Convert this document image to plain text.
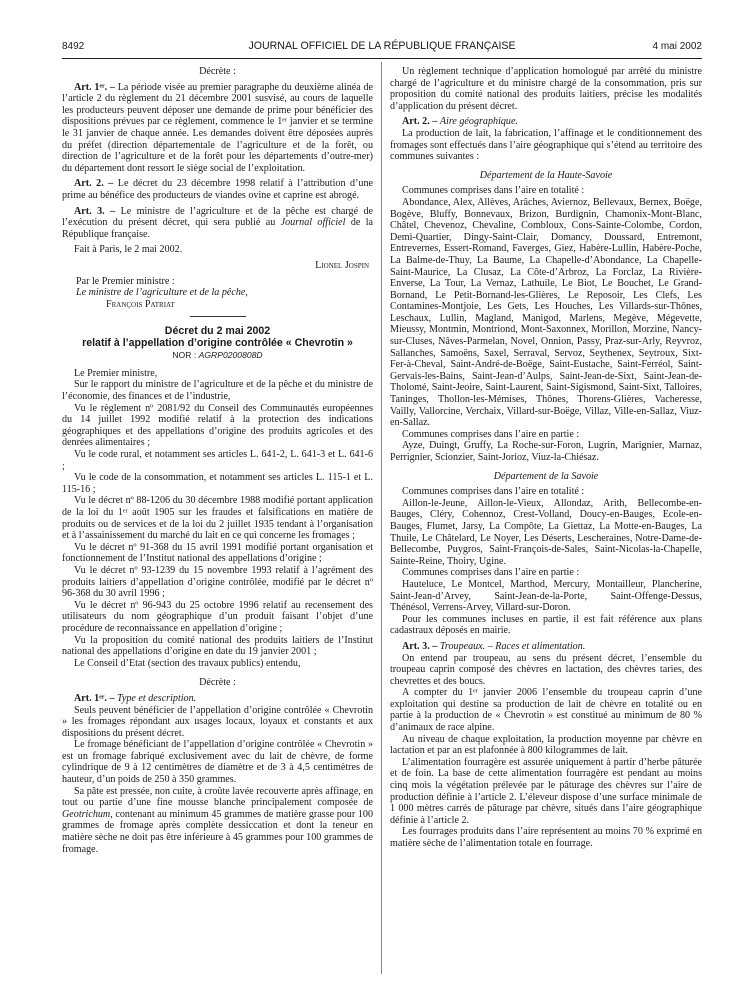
8492	JOURNAL OFFICIEL DE LA RÉPUBLIQUE FRANÇAISE	4 mai 2002

Décrète :

Art. 1ᵉʳ. – La période visée au premier paragraphe du deuxième alinéa de l’article 2 du règlement du 21 décembre 2001 susvisé, au cours de laquelle les producteurs peuvent déposer une demande de prime pour bénéficier des dispositions prévues par ce règlement, commence le 1ᵉʳ janvier et se termine le 31 janvier de chaque année. Les demandes doivent être déposées auprès du préfet (direction départementale de l’agriculture et de la forêt, ou direction de l’agriculture et de la forêt pour les départements d’outre-mer) du département dont ressort le siège social de l’exploitation.

Art. 2. – Le décret du 23 décembre 1998 relatif à l’attribution d’une prime au bénéfice des producteurs de viandes ovine et caprine est abrogé.

Art. 3. – Le ministre de l’agriculture et de la pêche est chargé de l’exécution du présent décret, qui sera publié au Journal officiel de la République française.

Fait à Paris, le 2 mai 2002.

Lionel Jospin

Par le Premier ministre :

Le ministre de l’agriculture et de la pêche,

François Patriat

Décret du 2 mai 2002
relatif à l’appellation d’origine contrôlée « Chevrotin »

NOR : AGRP0200808D

Le Premier ministre,

Sur le rapport du ministre de l’agriculture et de la pêche et du ministre de l’économie, des finances et de l’industrie,

Vu le règlement nº 2081/92 du Conseil des Communautés européennes du 14 juillet 1992 modifié relatif à la protection des indications géographiques et des appellations d’origine des produits agricoles et des denrées alimentaires ;

Vu le code rural, et notamment ses articles L. 641-2, L. 641-3 et L. 641-6 ;

Vu le code de la consommation, et notamment ses articles L. 115-1 et L. 115-16 ;

Vu le décret nº 88-1206 du 30 décembre 1988 modifié portant application de la loi du 1ᵉʳ août 1905 sur les fraudes et falsifications en matière de produits ou de services et de la loi du 2 juillet 1935 tendant à l’organisation et à l’assainissement du marché du lait en ce qui concerne les fromages ;

Vu le décret nº 91-368 du 15 avril 1991 modifié portant organisation et fonctionnement de l’Institut national des appellations d’origine ;

Vu le décret nº 93-1239 du 15 novembre 1993 relatif à l’agrément des produits laitiers d’appellation d’origine contrôlée, modifié par le décret nº 96-368 du 30 avril 1996 ;

Vu le décret nº 96-943 du 25 octobre 1996 relatif au recensement des utilisateurs du nom géographique d’un produit faisant l’objet d’une procédure de reconnaissance en appellation d’origine ;

Vu la proposition du comité national des produits laitiers de l’Institut national des appellations d’origine en date du 19 janvier 2001 ;

Le Conseil d’Etat (section des travaux publics) entendu,

Décrète :

Art. 1ᵉʳ. – Type et description.

Seuls peuvent bénéficier de l’appellation d’origine contrôlée « Chevrotin » les fromages répondant aux usages locaux, loyaux et constants et aux dispositions du présent décret.

Le fromage bénéficiant de l’appellation d’origine contrôlée « Chevrotin » est un fromage fabriqué exclusivement avec du lait de chèvre, de forme cylindrique de 9 à 12 centimètres de diamètre et de 3 à 4,5 centimètres de hauteur, d’un poids de 250 à 350 grammes.

Sa pâte est pressée, non cuite, à croûte lavée recouverte après affinage, en tout ou partie d’une fine mousse blanche principalement composée de Geotrichum, contenant au minimum 45 grammes de matière grasse pour 100 grammes de fromage après complète dessiccation et dont la teneur en matière sèche ne doit pas être inférieure à 45 grammes pour 100 grammes de fromage.

Un règlement technique d’application homologué par arrêté du ministre chargé de l’agriculture et du ministre chargé de la consommation, pris sur proposition du comité national des produits laitiers, précise les modalités d’application du présent décret.

Art. 2. – Aire géographique.

La production de lait, la fabrication, l’affinage et le conditionnement des fromages sont effectués dans l’aire géographique qui s’étend au territoire des communes suivantes :

Département de la Haute-Savoie

Communes comprises dans l’aire en totalité :

Abondance, Alex, Allèves, Arâches, Aviernoz, Bellevaux, Bernex, Boëge, Bogève, Bluffy, Bonnevaux, Brizon, Burdignin, Chamonix-Mont-Blanc, Châtel, Chevenoz, Chevaline, Combloux, Cons-Sainte-Colombe, Cordon, Demi-Quartier, Dingy-Saint-Clair, Domancy, Doussard, Entremont, Entrevernes, Essert-Romand, Faverges, Giez, Habère-Lullin, Habère-Poche, La Balme-de-Thuy, La Baume, La Chapelle-d’Abondance, La Chapelle-Saint-Maurice, La Clusaz, La Côte-d’Arbroz, La Forclaz, La Rivière-Enverse, La Tour, La Vernaz, Lathuile, Le Biot, Le Bouchet, Le Grand-Bornand, Le Petit-Bornand-les-Glières, Le Reposoir, Les Clefs, Les Contamines-Montjoie, Les Gets, Les Houches, Les Villards-sur-Thônes, Leschaux, Lullin, Magland, Manigod, Marlens, Megève, Mégevette, Mieussy, Montmin, Montriond, Mont-Saxonnex, Morillon, Morzine, Nancy-sur-Cluses, Nâves-Parmelan, Novel, Onnion, Passy, Praz-sur-Arly, Reyvroz, Sallanches, Samoëns, Saxel, Serraval, Servoz, Seythenex, Seytroux, Sixt-Fer-à-Cheval, Saint-André-de-Boëge, Saint-Eustache, Saint-Ferréol, Saint-Gervais-les-Bains, Saint-Jean-d’Aulps, Saint-Jean-de-Sixt, Saint-Jean-de-Tholomé, Saint-Jeoire, Saint-Laurent, Saint-Sigismond, Saint-Sixt, Talloires, Taninges, Thollon-les-Mémises, Thônes, Thorens-Glières, Vacheresse, Vailly, Vallorcine, Verchaix, Villard-sur-Boëge, Villaz, Ville-en-Sallaz, Viuz-en-Sallaz.

Communes comprises dans l’aire en partie :

Ayze, Duingt, Gruffy, La Roche-sur-Foron, Lugrin, Marignier, Marnaz, Perrignier, Scionzier, Saint-Jorioz, Viuz-la-Chiésaz.

Département de la Savoie

Communes comprises dans l’aire en totalité :

Aillon-le-Jeune, Aillon-le-Vieux, Allondaz, Arith, Bellecombe-en-Bauges, Cléry, Cohennoz, Crest-Volland, Doucy-en-Bauges, Ecole-en-Bauges, Flumet, Jarsy, La Compôte, La Giettaz, La Motte-en-Bauges, La Thuile, Le Châtelard, Le Noyer, Les Déserts, Lescheraines, Notre-Dame-de-Bellecombe, Puygros, Saint-François-de-Sales, Saint-Nicolas-la-Chapelle, Sainte-Reine, Thoiry, Ugine.

Communes comprises dans l’aire en partie :

Hauteluce, Le Montcel, Marthod, Mercury, Montailleur, Plancherine, Saint-Jean-d’Arvey, Saint-Jean-de-la-Porte, Saint-Offenge-Dessus, Thénésol, Verrens-Arvey, Villard-sur-Doron.

Pour les communes incluses en partie, il est fait référence aux plans cadastraux déposés en mairie.

Art. 3. – Troupeaux. – Races et alimentation.

On entend par troupeau, au sens du présent décret, l’ensemble du troupeau caprin composé des chèvres en lactation, des chèvres taries, des chevrettes et des boucs.

A compter du 1ᵉʳ janvier 2006 l’ensemble du troupeau caprin d’une exploitation qui destine sa production de lait de chèvre en totalité ou en partie à la production de « Chevrotin » est constitué au minimum de 80 % d’animaux de race alpine.

Au niveau de chaque exploitation, la production moyenne par chèvre en lactation et par an est plafonnée à 800 kilogrammes de lait.

L’alimentation fourragère est assurée uniquement à partir d’herbe pâturée et de foin. La base de cette alimentation fourragère est pendant au moins cinq mois la végétation prélevée par le pâturage des chèvres sur l’aire de production définie à l’article 2. L’éleveur dispose d’une surface minimale de 1 000 mètres carrés de pâturage par chèvre, situés dans l’aire géographique définie à l’article 2.

Les fourrages produits dans l’aire représentent au moins 70 % exprimé en matière sèche de l’alimentation totale en fourrage.
